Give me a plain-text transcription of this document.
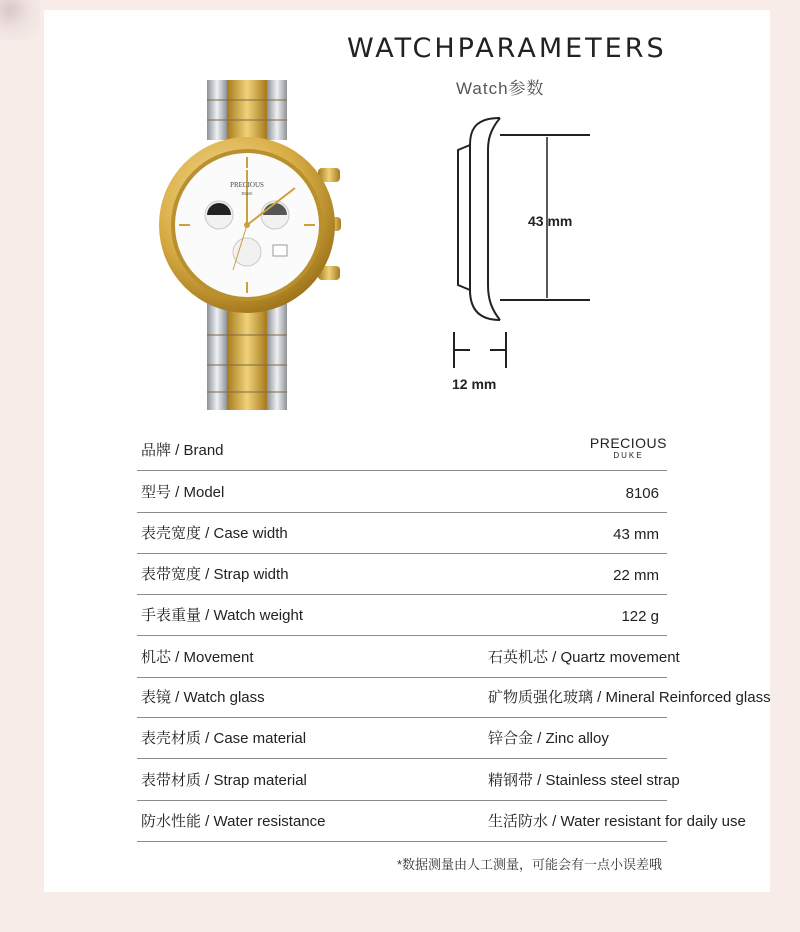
WATCHPARAMETERS
Watch参数
PRECIOUS
DUKE
43 mm
12 mm
品牌 / Brand	PRECIOUS
DUKE
型号 / Model	8106
表壳宽度 / Case width	43 mm
表带宽度 / Strap width	22 mm
手表重量 / Watch weight	122 g
机芯 / Movement	石英机芯 / Quartz movement
表镜 / Watch glass	矿物质强化玻璃 / Mineral Reinforced glass
表壳材质 / Case material	锌合金 / Zinc alloy
表带材质 / Strap material	精钢带 / Stainless steel strap
防水性能 / Water resistance	生活防水 / Water resistant for daily use
*数据测量由人工测量，可能会有一点小误差哦
